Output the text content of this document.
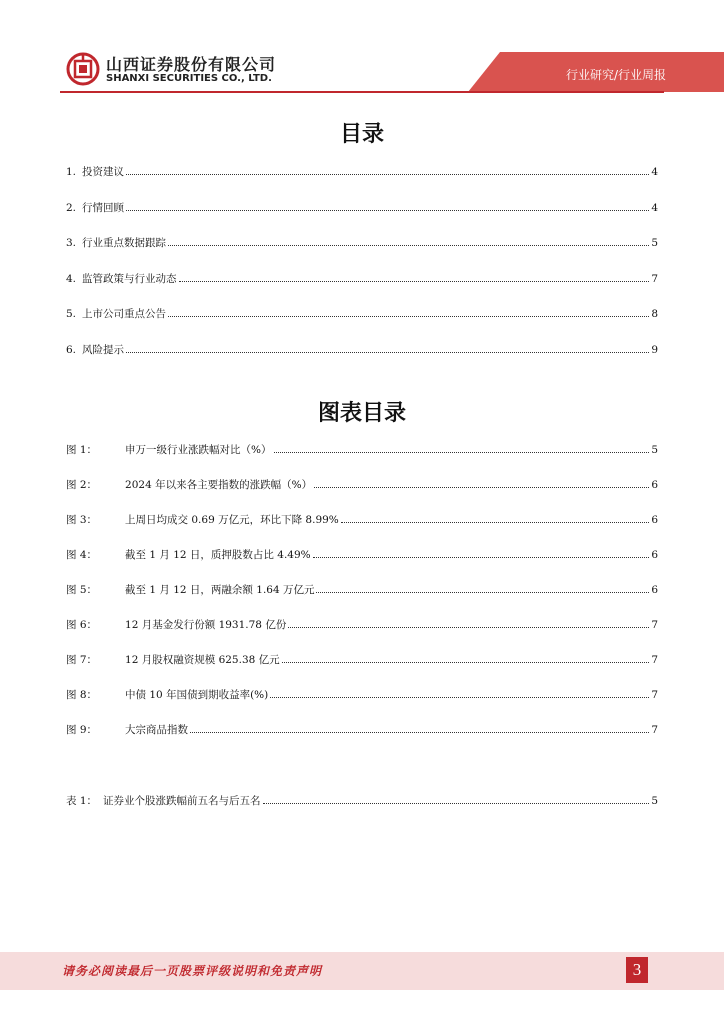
山西证券股份有限公司
SHANXI SECURITIES CO., LTD.	行业研究/行业周报
目录
1. 投资建议	4
2. 行情回顾	4
3. 行业重点数据跟踪	5
4. 监管政策与行业动态	7
5. 上市公司重点公告	8
6. 风险提示	9
图表目录
图 1：	申万一级行业涨跌幅对比（%）	5
图 2：	2024 年以来各主要指数的涨跌幅（%）	6
图 3：	上周日均成交 0.69 万亿元，环比下降 8.99%	6
图 4：	截至 1 月 12 日，质押股数占比 4.49%	6
图 5：	截至 1 月 12 日，两融余额 1.64 万亿元	6
图 6：	12 月基金发行份额 1931.78 亿份	7
图 7：	12 月股权融资规模 625.38 亿元	7
图 8：	中债 10 年国债到期收益率(%)	7
图 9：	大宗商品指数	7
表 1： 证券业个股涨跌幅前五名与后五名	5
请务必阅读最后一页股票评级说明和免责声明	3
